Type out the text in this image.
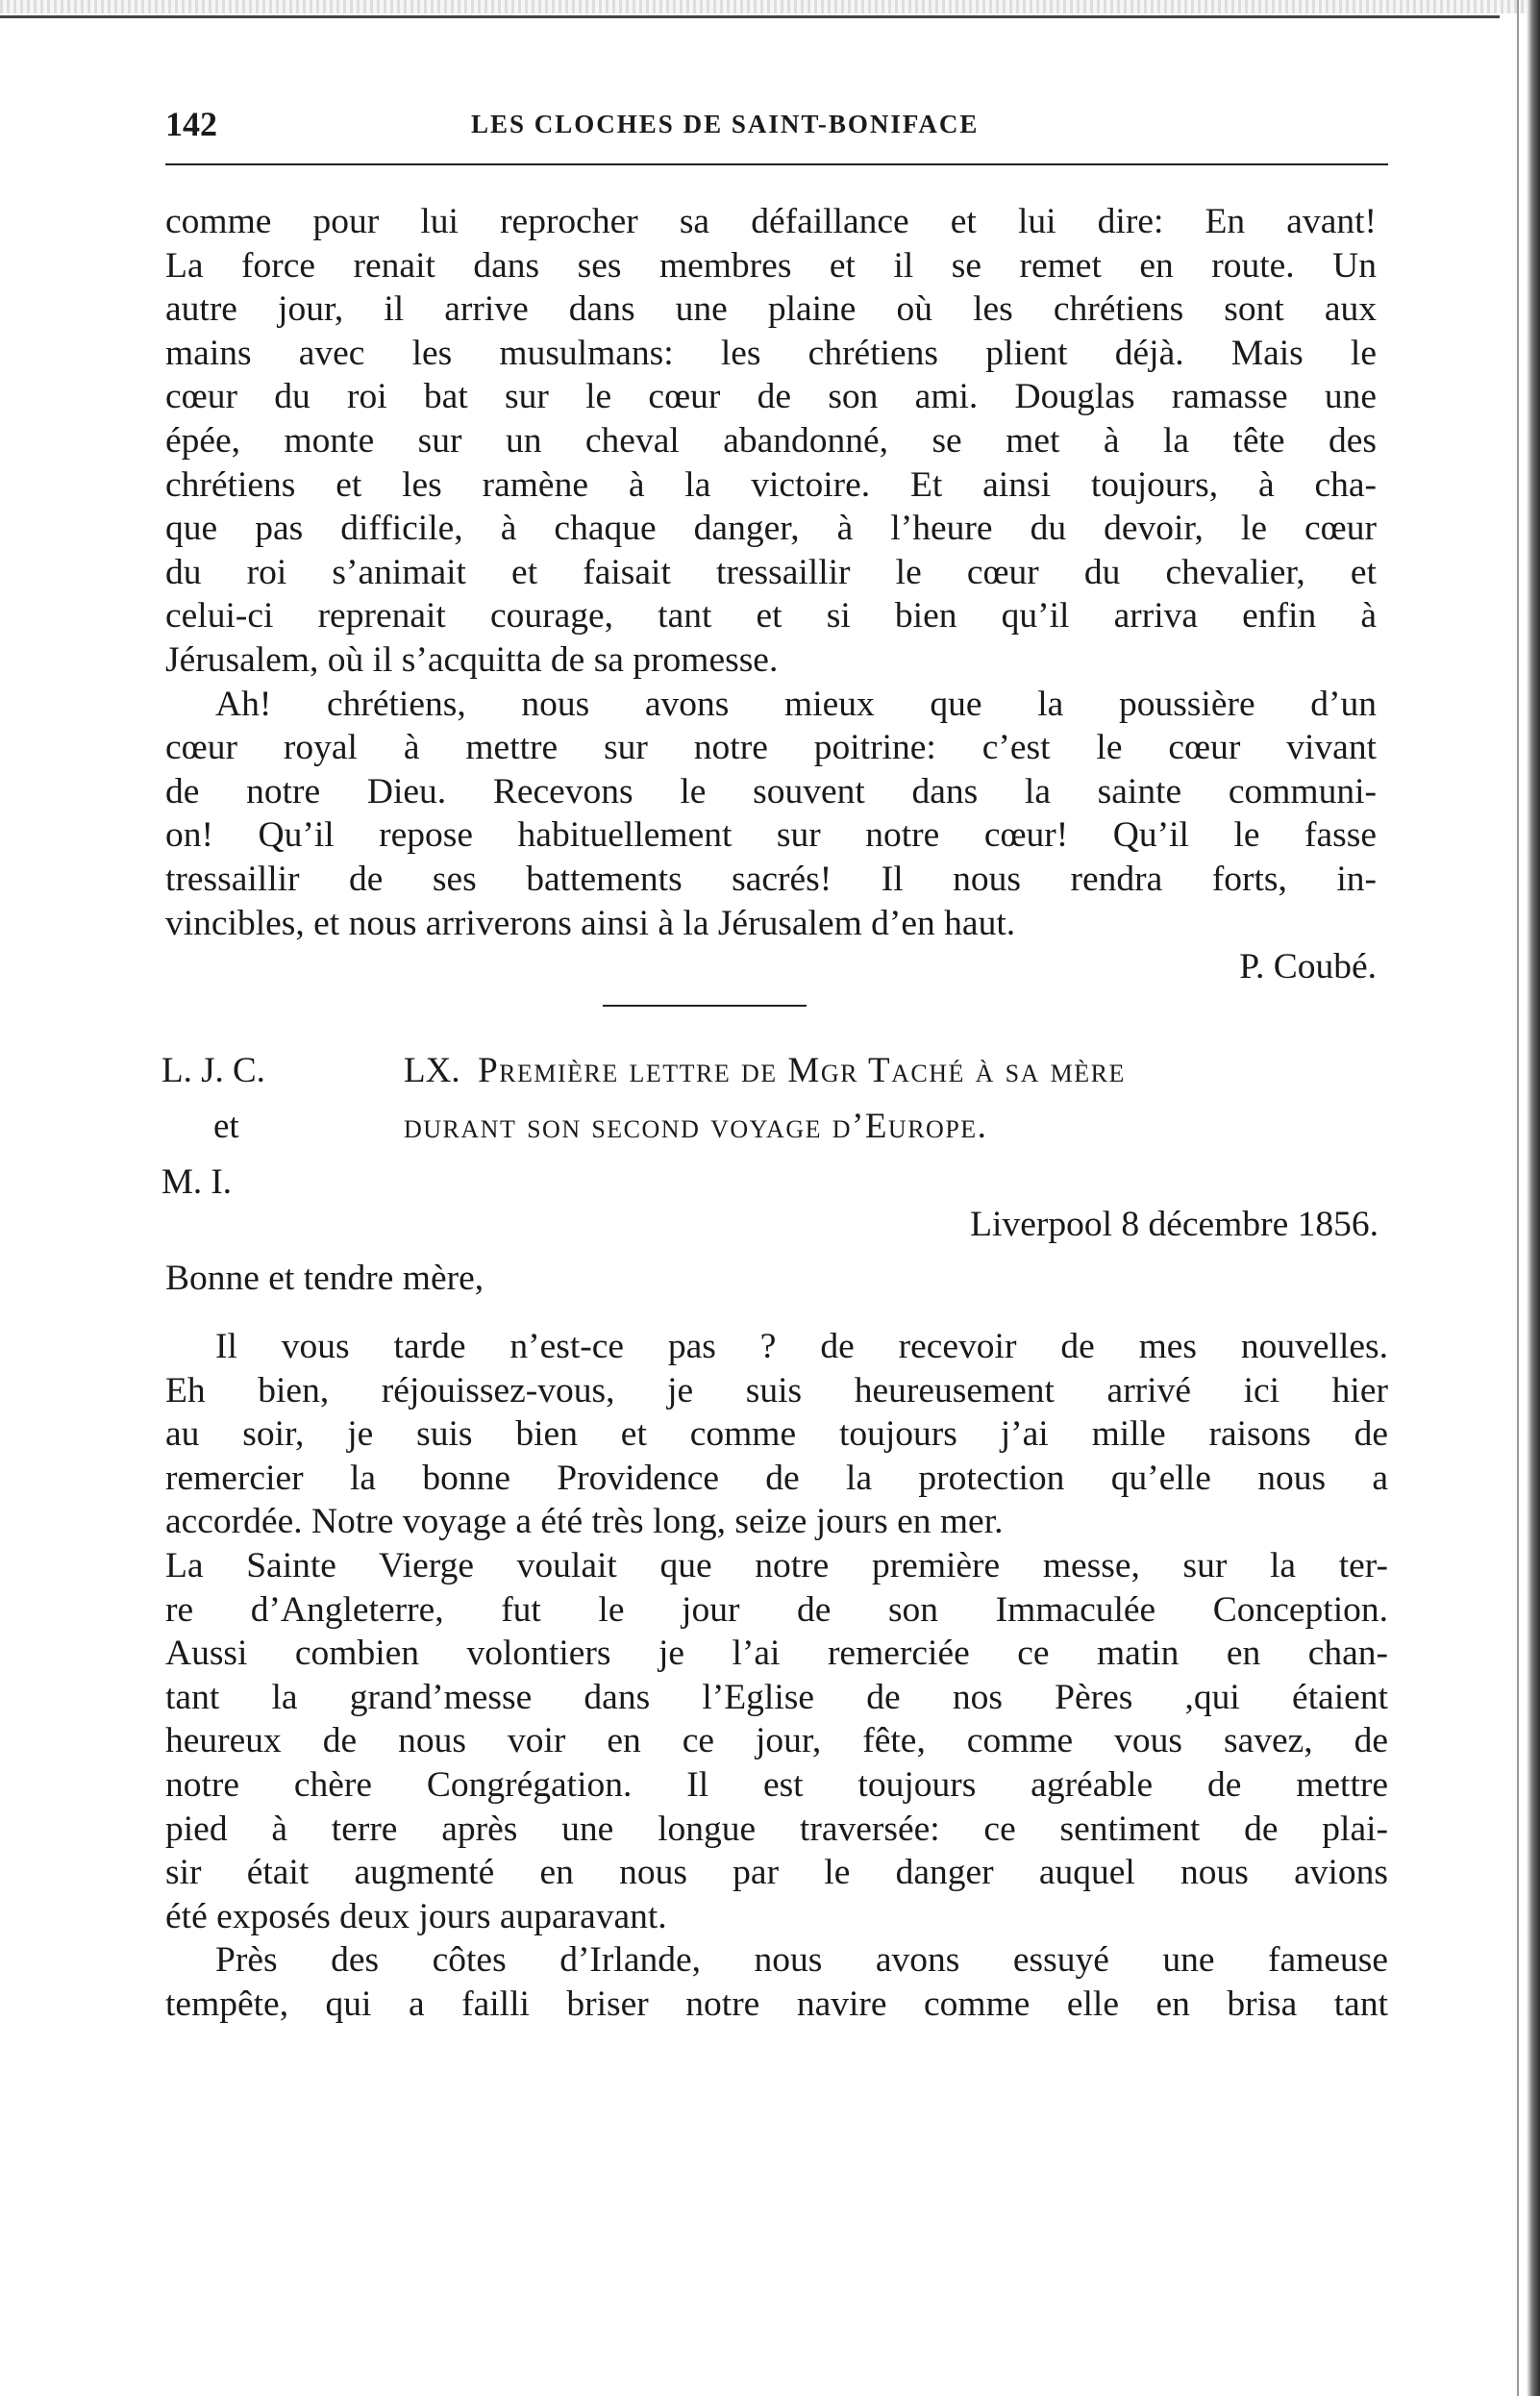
142	LES CLOCHES DE SAINT-BONIFACE
comme pour lui reprocher sa défaillance et lui dire: En avant!
La force renait dans ses membres et il se remet en route. Un
autre jour, il arrive dans une plaine où les chrétiens sont aux
mains avec les musulmans: les chrétiens plient déjà. Mais le
cœur du roi bat sur le cœur de son ami. Douglas ramasse une
épée, monte sur un cheval abandonné, se met à la tête des
chrétiens et les ramène à la victoire. Et ainsi toujours, à cha-
que pas difficile, à chaque danger, à l’heure du devoir, le cœur
du roi s’animait et faisait tressaillir le cœur du chevalier, et
celui-ci reprenait courage, tant et si bien qu’il arriva enfin à
Jérusalem, où il s’acquitta de sa promesse.
Ah! chrétiens, nous avons mieux que la poussière d’un
cœur royal à mettre sur notre poitrine: c’est le cœur vivant
de notre Dieu. Recevons le souvent dans la sainte communi-
on! Qu’il repose habituellement sur notre cœur! Qu’il le fasse
tressaillir de ses battements sacrés! Il nous rendra forts, in-
vincibles, et nous arriverons ainsi à la Jérusalem d’en haut.
P. Coubé.
L. J. C.
et
M. I.
LX. Première lettre de Mgr Taché à sa mère
durant son second voyage d’Europe.
Liverpool 8 décembre 1856.
Bonne et tendre mère,
Il vous tarde n’est-ce pas ? de recevoir de mes nouvelles.
Eh bien, réjouissez-vous, je suis heureusement arrivé ici hier
au soir, je suis bien et comme toujours j’ai mille raisons de
remercier la bonne Providence de la protection qu’elle nous a
accordée. Notre voyage a été très long, seize jours en mer.
La Sainte Vierge voulait que notre première messe, sur la ter-
re d’Angleterre, fut le jour de son Immaculée Conception.
Aussi combien volontiers je l’ai remerciée ce matin en chan-
tant la grand’messe dans l’Eglise de nos Pères ,qui étaient
heureux de nous voir en ce jour, fête, comme vous savez, de
notre chère Congrégation. Il est toujours agréable de mettre
pied à terre après une longue traversée: ce sentiment de plai-
sir était augmenté en nous par le danger auquel nous avions
été exposés deux jours auparavant.
Près des côtes d’Irlande, nous avons essuyé une fameuse
tempête, qui a failli briser notre navire comme elle en brisa tant
